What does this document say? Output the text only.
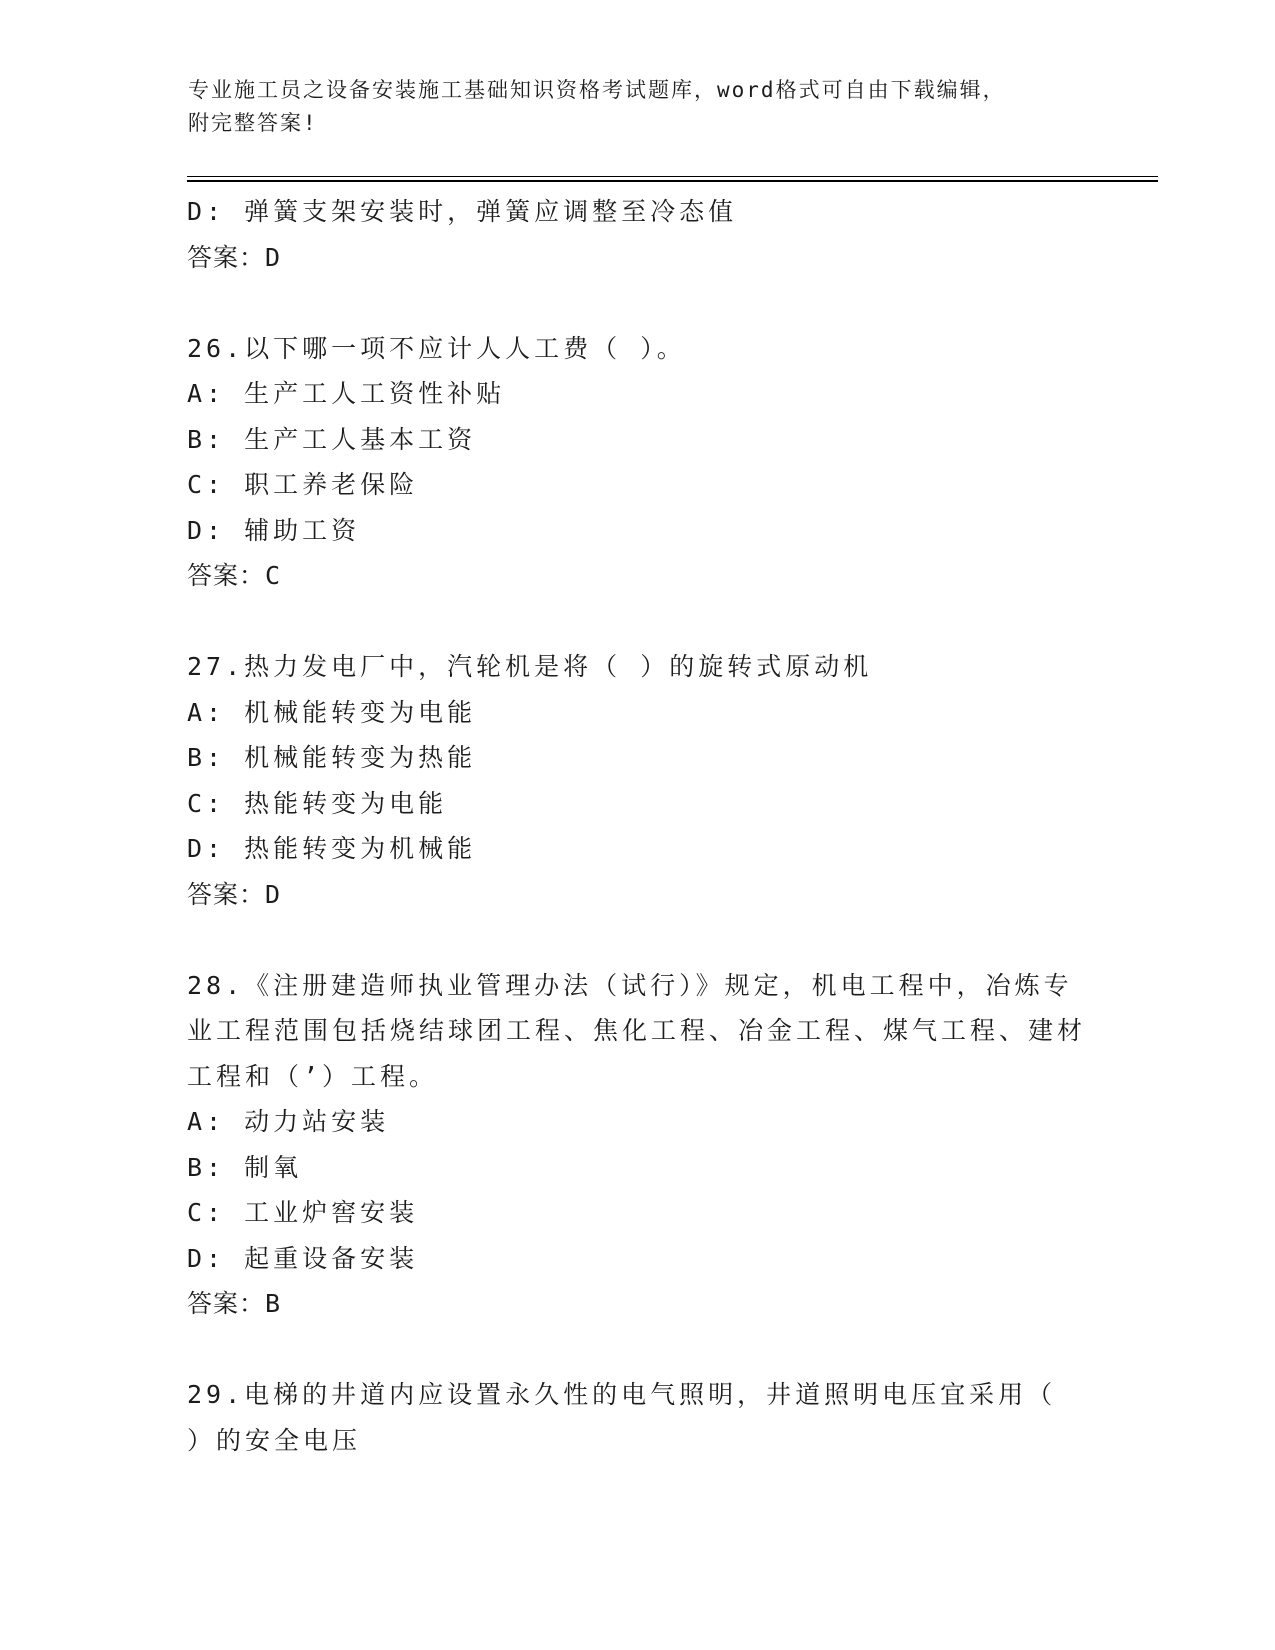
专业施工员之设备安装施工基础知识资格考试题库，word格式可自由下载编辑，
附完整答案!
D: 弹簧支架安装时，弹簧应调整至冷态值
答案：D
26.以下哪一项不应计人人工费（ ）。
A: 生产工人工资性补贴
B: 生产工人基本工资
C: 职工养老保险
D: 辅助工资
答案：C
27.热力发电厂中，汽轮机是将（ ）的旋转式原动机
A: 机械能转变为电能
B: 机械能转变为热能
C: 热能转变为电能
D: 热能转变为机械能
答案：D
28.《注册建造师执业管理办法（试行）》规定，机电工程中，冶炼专业工程范围包括烧结球团工程、焦化工程、冶金工程、煤气工程、建材工程和（’）工程。
A: 动力站安装
B: 制氧
C: 工业炉窖安装
D: 起重设备安装
答案：B
29.电梯的井道内应设置永久性的电气照明，井道照明电压宜采用（ ）的安全电压
